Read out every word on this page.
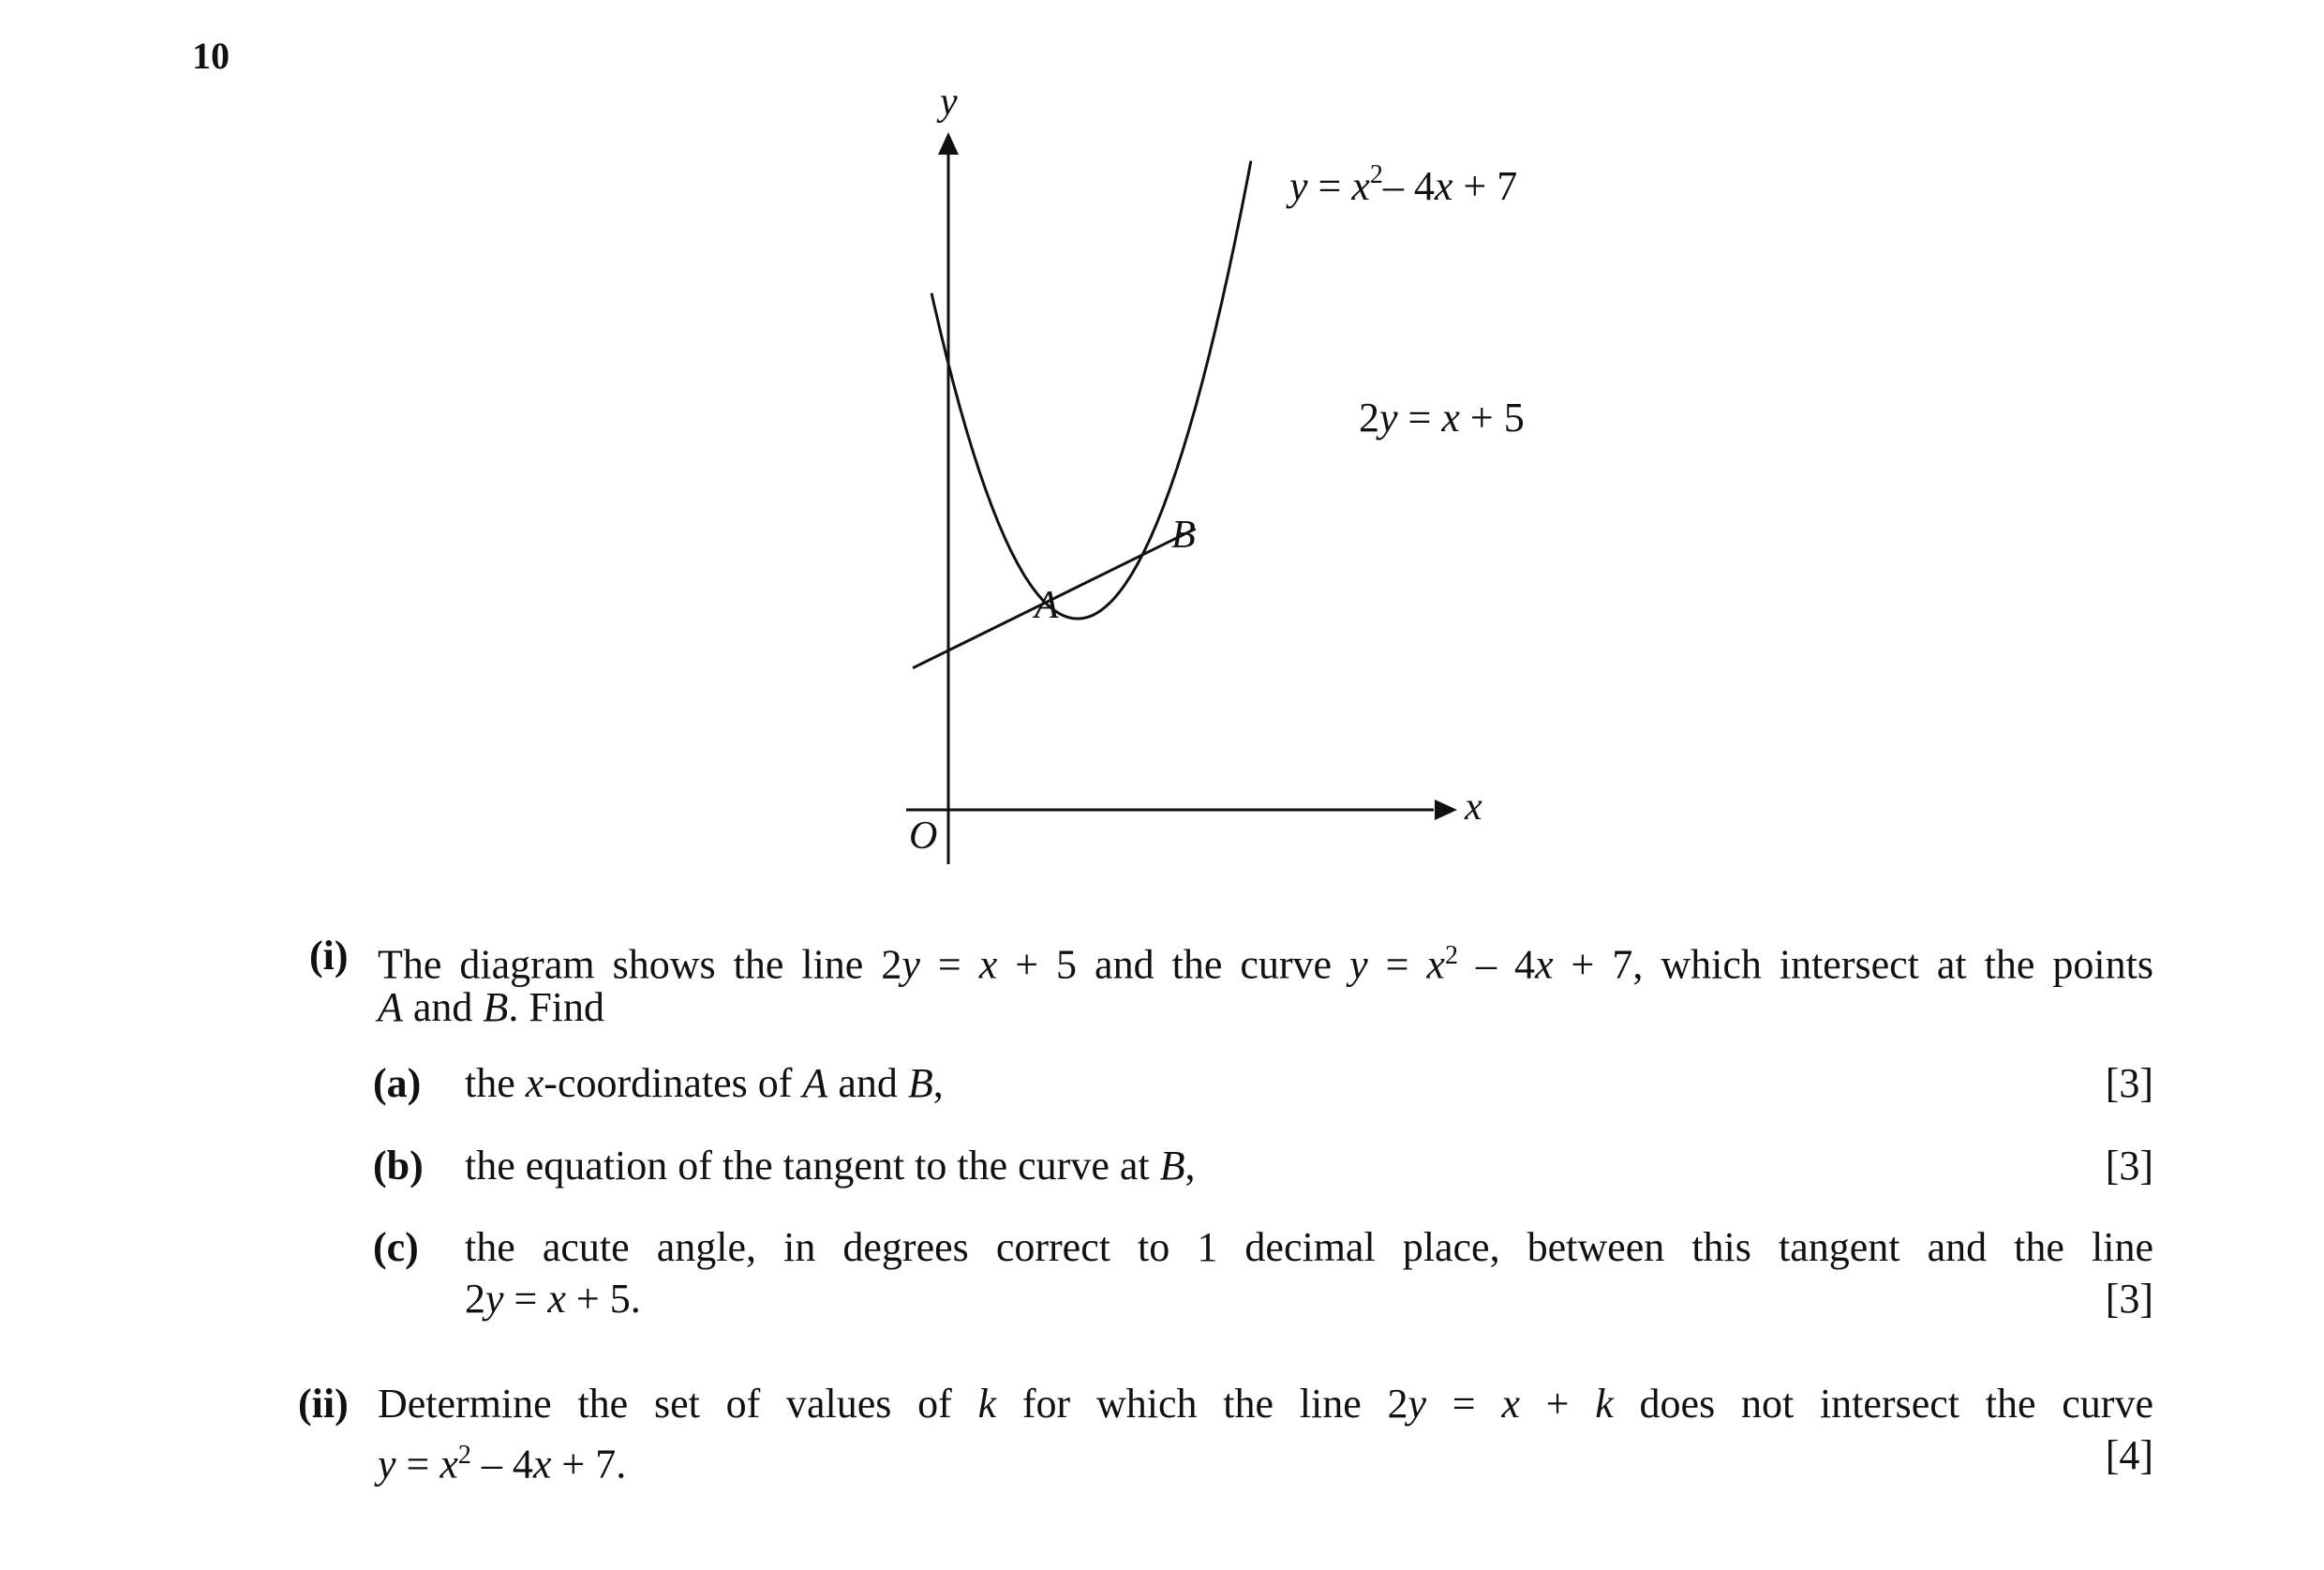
10
y
x
O
A
B
$y = x^2-$ 4x + 7
2y = x + 5
(i) The diagram shows the line 2y = x + 5 and the curve $y = x^2 - 4x + 7$, which intersect at the points
A and B. Find
(a) the x-coordinates of A and B,	[3]
(b) the equation of the tangent to the curve at B,	[3]
(c) the acute angle, in degrees correct to 1 decimal place, between this tangent and the line
2y = x + 5.	[3]
(ii) Determine the set of values of k for which the line 2y = x + k does not intersect the curve
$y = x^2 - 4x + 7$.	[4]
